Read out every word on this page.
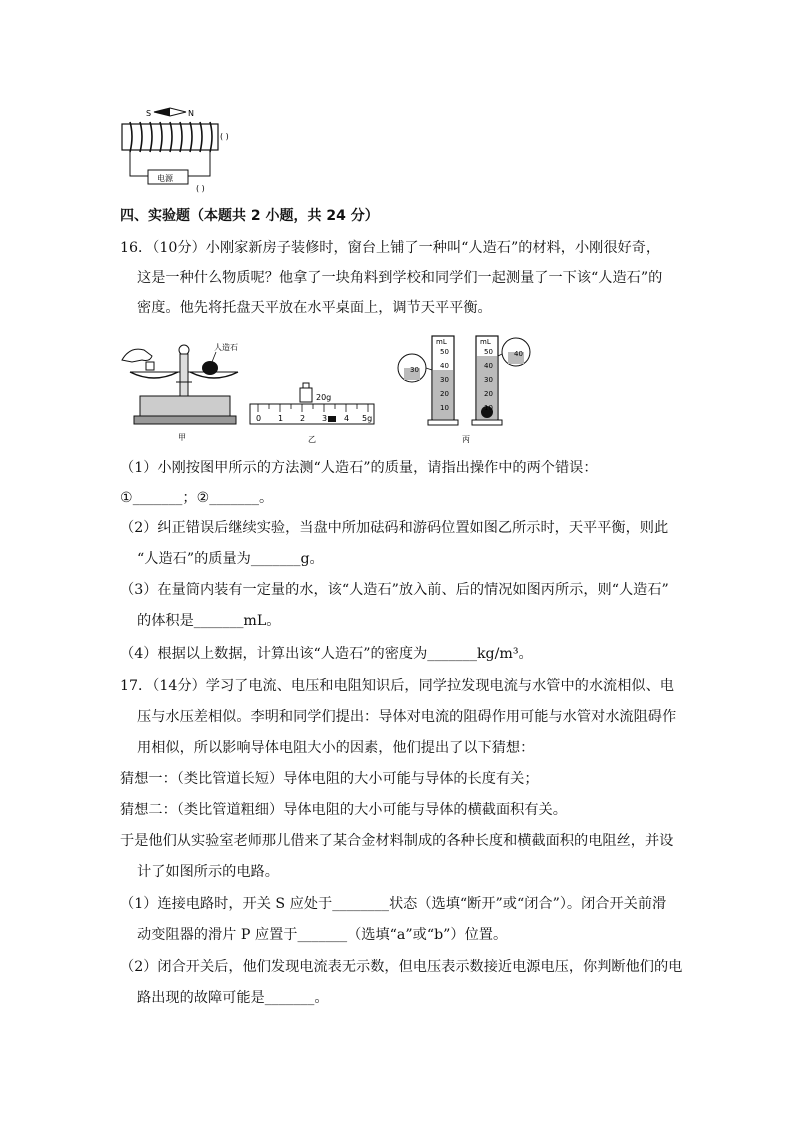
S	N
电源
( )
( )
四、实验题（本题共 2 小题，共 24 分）
16．（10分）小刚家新房子装修时，窗台上铺了一种叫“人造石”的材料，小刚很好奇，
这是一种什么物质呢？他拿了一块角料到学校和同学们一起测量了一下该“人造石”的
密度。他先将托盘天平放在水平桌面上，调节天平平衡。
人造石
甲
20g
0 1 2 3 4 5g
乙
mL
50
40
30
20
10
30
mL
50
40
30
20
10
40
丙
（1）小刚按图甲所示的方法测“人造石”的质量，请指出操作中的两个错误：
①_______；②_______。
（2）纠正错误后继续实验，当盘中所加砝码和游码位置如图乙所示时，天平平衡，则此
“人造石”的质量为_______g。
（3）在量筒内装有一定量的水，该“人造石”放入前、后的情况如图丙所示，则“人造石”
的体积是_______mL。
（4）根据以上数据，计算出该“人造石”的密度为_______kg/m³。
17．（14分）学习了电流、电压和电阻知识后，同学拉发现电流与水管中的水流相似、电
压与水压差相似。李明和同学们提出：导体对电流的阻碍作用可能与水管对水流阻碍作
用相似，所以影响导体电阻大小的因素，他们提出了以下猜想：
猜想一：（类比管道长短）导体电阻的大小可能与导体的长度有关；
猜想二：（类比管道粗细）导体电阻的大小可能与导体的横截面积有关。
于是他们从实验室老师那儿借来了某合金材料制成的各种长度和横截面积的电阻丝，并设
计了如图所示的电路。
（1）连接电路时，开关 S 应处于________状态（选填“断开”或“闭合”）。闭合开关前滑
动变阻器的滑片 P 应置于_______（选填“a”或“b”）位置。
（2）闭合开关后，他们发现电流表无示数，但电压表示数接近电源电压，你判断他们的电
路出现的故障可能是_______。
